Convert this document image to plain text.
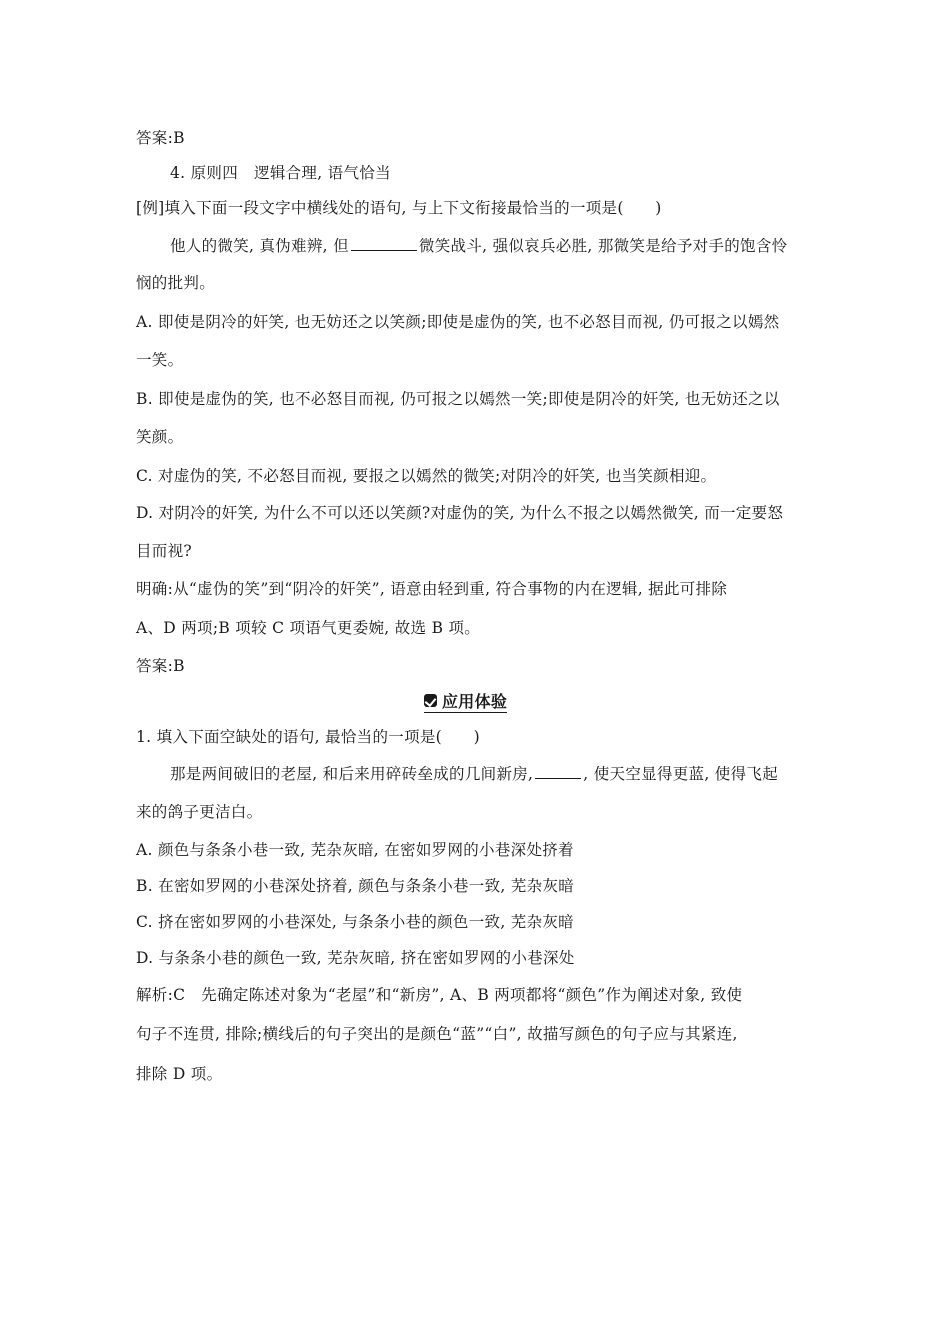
答案:B
4. 原则四 逻辑合理, 语气恰当
[例]填入下面一段文字中横线处的语句, 与上下文衔接最恰当的一项是(　　)
他人的微笑, 真伪难辨, 但	微笑战斗, 强似哀兵必胜, 那微笑是给予对手的饱含怜
悯的批判。
A. 即使是阴冷的奸笑, 也无妨还之以笑颜;即使是虚伪的笑, 也不必怒目而视, 仍可报之以嫣然
一笑。
B. 即使是虚伪的笑, 也不必怒目而视, 仍可报之以嫣然一笑;即使是阴冷的奸笑, 也无妨还之以
笑颜。
C. 对虚伪的笑, 不必怒目而视, 要报之以嫣然的微笑;对阴冷的奸笑, 也当笑颜相迎。
D. 对阴冷的奸笑, 为什么不可以还以笑颜?对虚伪的笑, 为什么不报之以嫣然微笑, 而一定要怒
目而视?
明确:从“虚伪的笑”到“阴冷的奸笑”, 语意由轻到重, 符合事物的内在逻辑, 据此可排除
A、D 两项;B 项较 C 项语气更委婉, 故选 B 项。
答案:B
应用体验
1. 填入下面空缺处的语句, 最恰当的一项是(　　)
那是两间破旧的老屋, 和后来用碎砖垒成的几间新房,	, 使天空显得更蓝, 使得飞起
来的鸽子更洁白。
A. 颜色与条条小巷一致, 芜杂灰暗, 在密如罗网的小巷深处挤着
B. 在密如罗网的小巷深处挤着, 颜色与条条小巷一致, 芜杂灰暗
C. 挤在密如罗网的小巷深处, 与条条小巷的颜色一致, 芜杂灰暗
D. 与条条小巷的颜色一致, 芜杂灰暗, 挤在密如罗网的小巷深处
解析:C 先确定陈述对象为“老屋”和“新房”, A、B 两项都将“颜色”作为阐述对象, 致使
句子不连贯, 排除;横线后的句子突出的是颜色“蓝”“白”, 故描写颜色的句子应与其紧连,
排除 D 项。
